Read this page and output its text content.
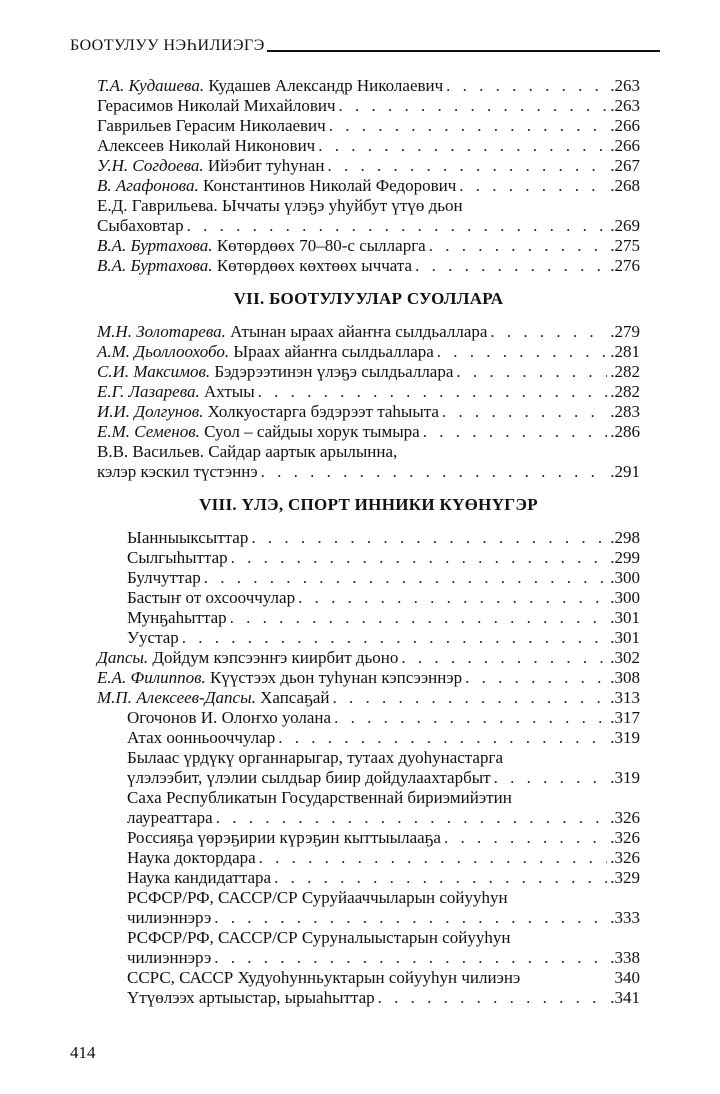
БООТУЛУУ НЭҺИЛИЭГЭ
Т.А. Кудашева. Кудашев Александр Николаевич . . .	.263
Герасимов Николай Михайлович . . .	.263
Гаврильев Герасим Николаевич . . .	.266
Алексеев Николай Никонович . . .	.266
У.Н. Согдоева. Ийэбит туһунан . . .	.267
В. Агафонова. Константинов Николай Федорович . . .	.268
Е.Д. Гаврильева. Ыччаты үлэҕэ уһуйбут үтүө дьон
Сыбаховтар . . .	.269
В.А. Буртахова. Көтөрдөөх 70–80-с сылларга . . .	.275
В.А. Буртахова. Көтөрдөөх көхтөөх ыччата . . .	.276
VII. БООТУЛУУЛАР СУОЛЛАРА
М.Н. Золотарева. Атынан ыраах айаҥҥа сылдьаллара . . .	.279
А.М. Дьоллоохобо. Ыраах айаҥҥа сылдьаллара . . .	.281
С.И. Максимов. Бэдэрээтинэн үлэҕэ сылдьаллара . . .	.282
Е.Г. Лазарева. Ахтыы . . .	.282
И.И. Долгунов. Холкуостарга бэдэрээт таһыыта . . .	.283
Е.М. Семенов. Суол – сайдыы хорук тымыра . . .	.286
В.В. Васильев. Сайдар аартык арылынна,
кэлэр кэскил түстэннэ . . .	.291
VIII. ҮЛЭ, СПОРТ ИННИКИ КҮӨНҮГЭР
Ыанныыксыттар . . .	.298
Сылгыһыттар . . .	.299
Булчуттар . . .	.300
Бастыҥ от охсооччулар . . .	.300
Мунҕаһыттар . . .	.301
Уустар . . .	.301
Дапсы. Дойдум кэпсээнҥэ киирбит дьоно . . .	.302
Е.А. Филиппов. Күүстээх дьон туһунан кэпсээннэр . . .	.308
М.П. Алексеев-Дапсы. Хапсаҕай . . .	.313
Огочонов И. Олоҥхо уолана . . .	.317
Атах оонньооччулар . . .	.319
Былаас үрдүкү органнарыгар, тутаах дуоһунастарга
үлэлээбит, үлэлии сылдьар биир дойдулаахтарбыт . . .	.319
Саха Республикатын Государственнай бириэмийэтин
лауреаттара . . .	.326
Россияҕа үөрэҕирии күрэҕин кыттыылааҕа . . .	.326
Наука доктордара . . .	.326
Наука кандидаттара . . .	.329
РСФСР/РФ, САССР/СР Суруйааччыларын сойууһун
чилиэннэрэ . . .	.333
РСФСР/РФ, САССР/СР Суруналыыстарын сойууһун
чилиэннэрэ . . .	.338
ССРС, САССР Худуоһунньуктарын сойууһун чилиэнэ	340
Үтүөлээх артыыстар, ырыаһыттар . . .	.341
414
